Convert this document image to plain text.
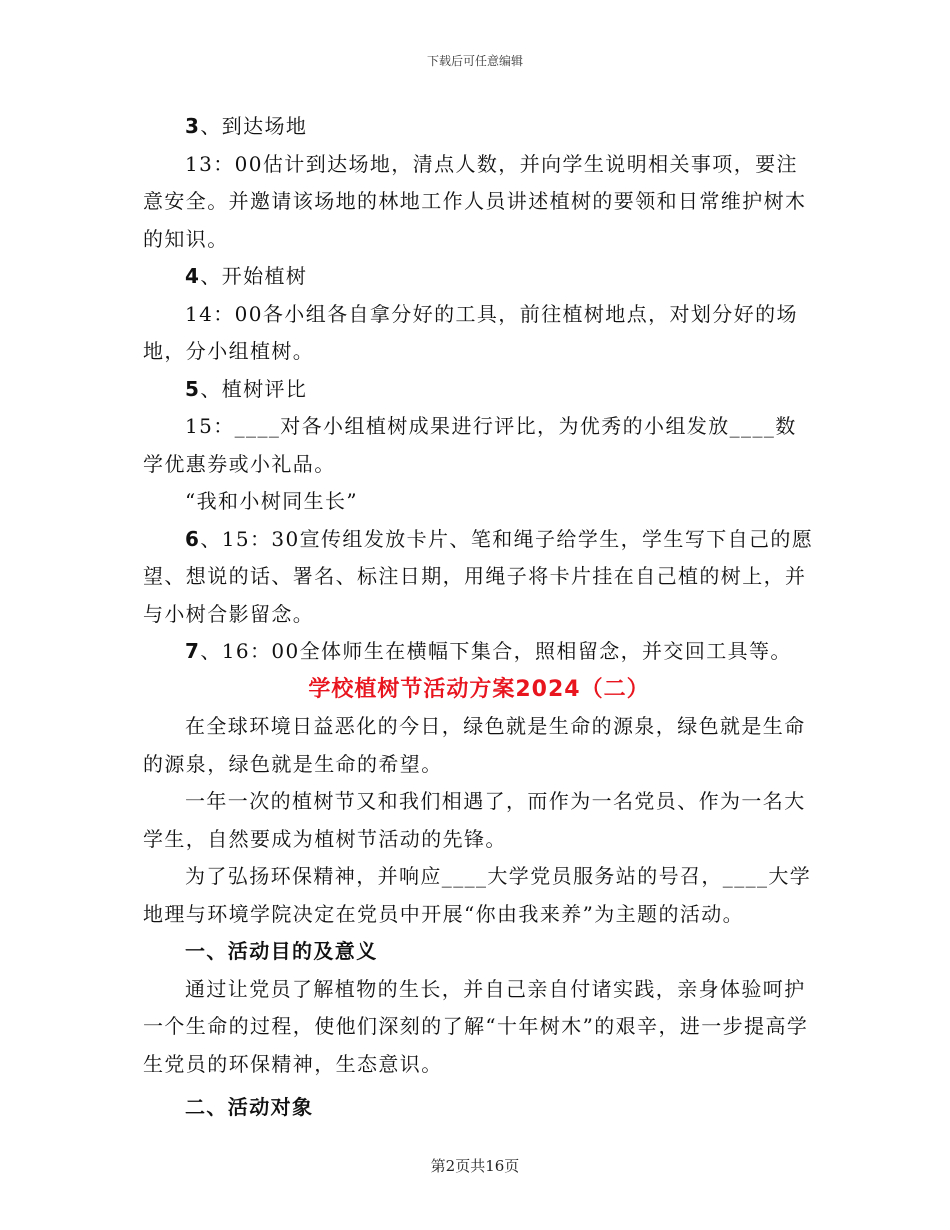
下载后可任意编辑

3、到达场地

13：00估计到达场地，清点人数，并向学生说明相关事项，要注意安全。并邀请该场地的林地工作人员讲述植树的要领和日常维护树木的知识。

4、开始植树

14：00各小组各自拿分好的工具，前往植树地点，对划分好的场地，分小组植树。

5、植树评比

15：____对各小组植树成果进行评比，为优秀的小组发放____数学优惠券或小礼品。

“我和小树同生长”

6、15：30宣传组发放卡片、笔和绳子给学生，学生写下自己的愿望、想说的话、署名、标注日期，用绳子将卡片挂在自己植的树上，并与小树合影留念。

7、16：00全体师生在横幅下集合，照相留念，并交回工具等。

学校植树节活动方案2024（二）

在全球环境日益恶化的今日，绿色就是生命的源泉，绿色就是生命的源泉，绿色就是生命的希望。

一年一次的植树节又和我们相遇了，而作为一名党员、作为一名大学生，自然要成为植树节活动的先锋。

为了弘扬环保精神，并响应____大学党员服务站的号召，____大学地理与环境学院决定在党员中开展“你由我来养”为主题的活动。

一、活动目的及意义

通过让党员了解植物的生长，并自己亲自付诸实践，亲身体验呵护一个生命的过程，使他们深刻的了解“十年树木”的艰辛，进一步提高学生党员的环保精神，生态意识。

二、活动对象

第2页共16页
